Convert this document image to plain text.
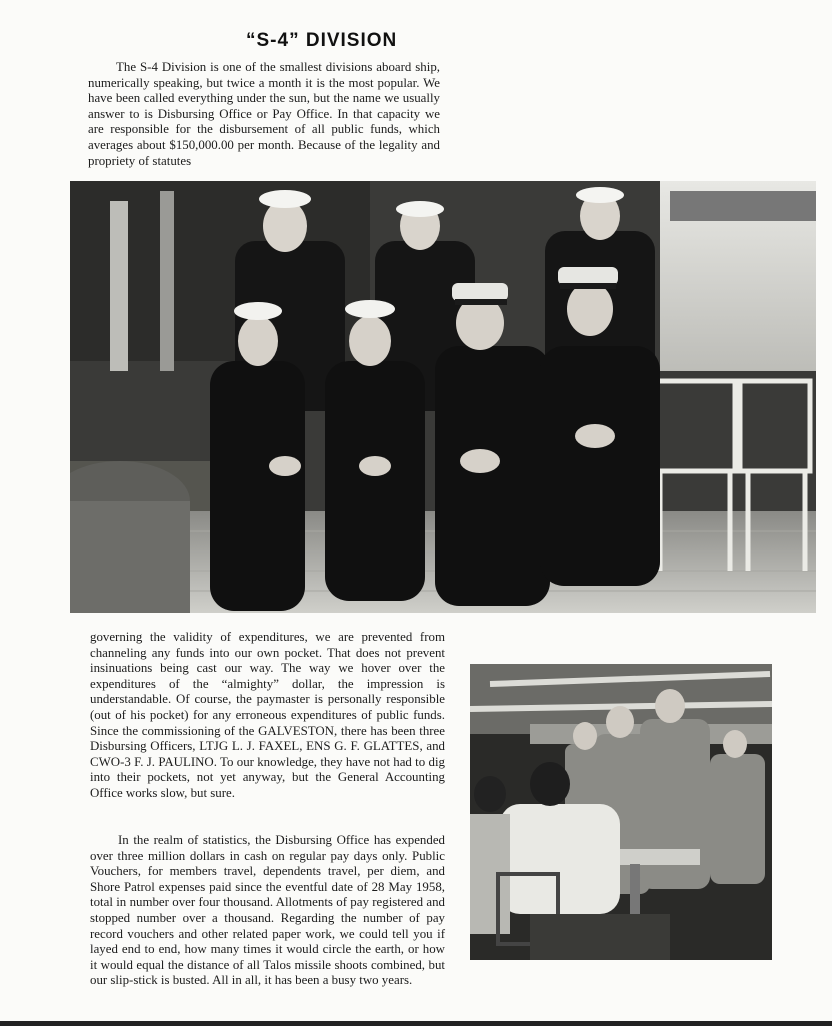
“S-4” DIVISION

The S-4 Division is one of the smallest divisions aboard ship, numerically speaking, but twice a month it is the most popular. We have been called everything under the sun, but the name we usually answer to is Disbursing Office or Pay Office. In that capacity we are responsible for the disbursement of all public funds, which averages about $150,000.00 per month. Because of the legality and propriety of statutes

governing the validity of expenditures, we are prevented from channeling any funds into our own pocket. That does not prevent insinuations being cast our way. The way we hover over the expenditures of the “almighty” dollar, the impression is understandable. Of course, the paymaster is personally responsible (out of his pocket) for any erroneous expenditures of public funds. Since the commissioning of the GALVESTON, there has been three Disbursing Officers, LTJG L. J. FAXEL, ENS G. F. GLATTES, and CWO-3 F. J. PAULINO. To our knowledge, they have not had to dig into their pockets, not yet anyway, but the General Accounting Office works slow, but sure.

In the realm of statistics, the Disbursing Office has expended over three million dollars in cash on regular pay days only. Public Vouchers, for members travel, dependents travel, per diem, and Shore Patrol expenses paid since the eventful date of 28 May 1958, total in number over four thousand. Allotments of pay registered and stopped number over a thousand. Regarding the number of pay record vouchers and other related paper work, we could tell you if layed end to end, how many times it would circle the earth, or how it would equal the distance of all Talos missile shoots combined, but our slip-stick is busted. All in all, it has been a busy two years.
